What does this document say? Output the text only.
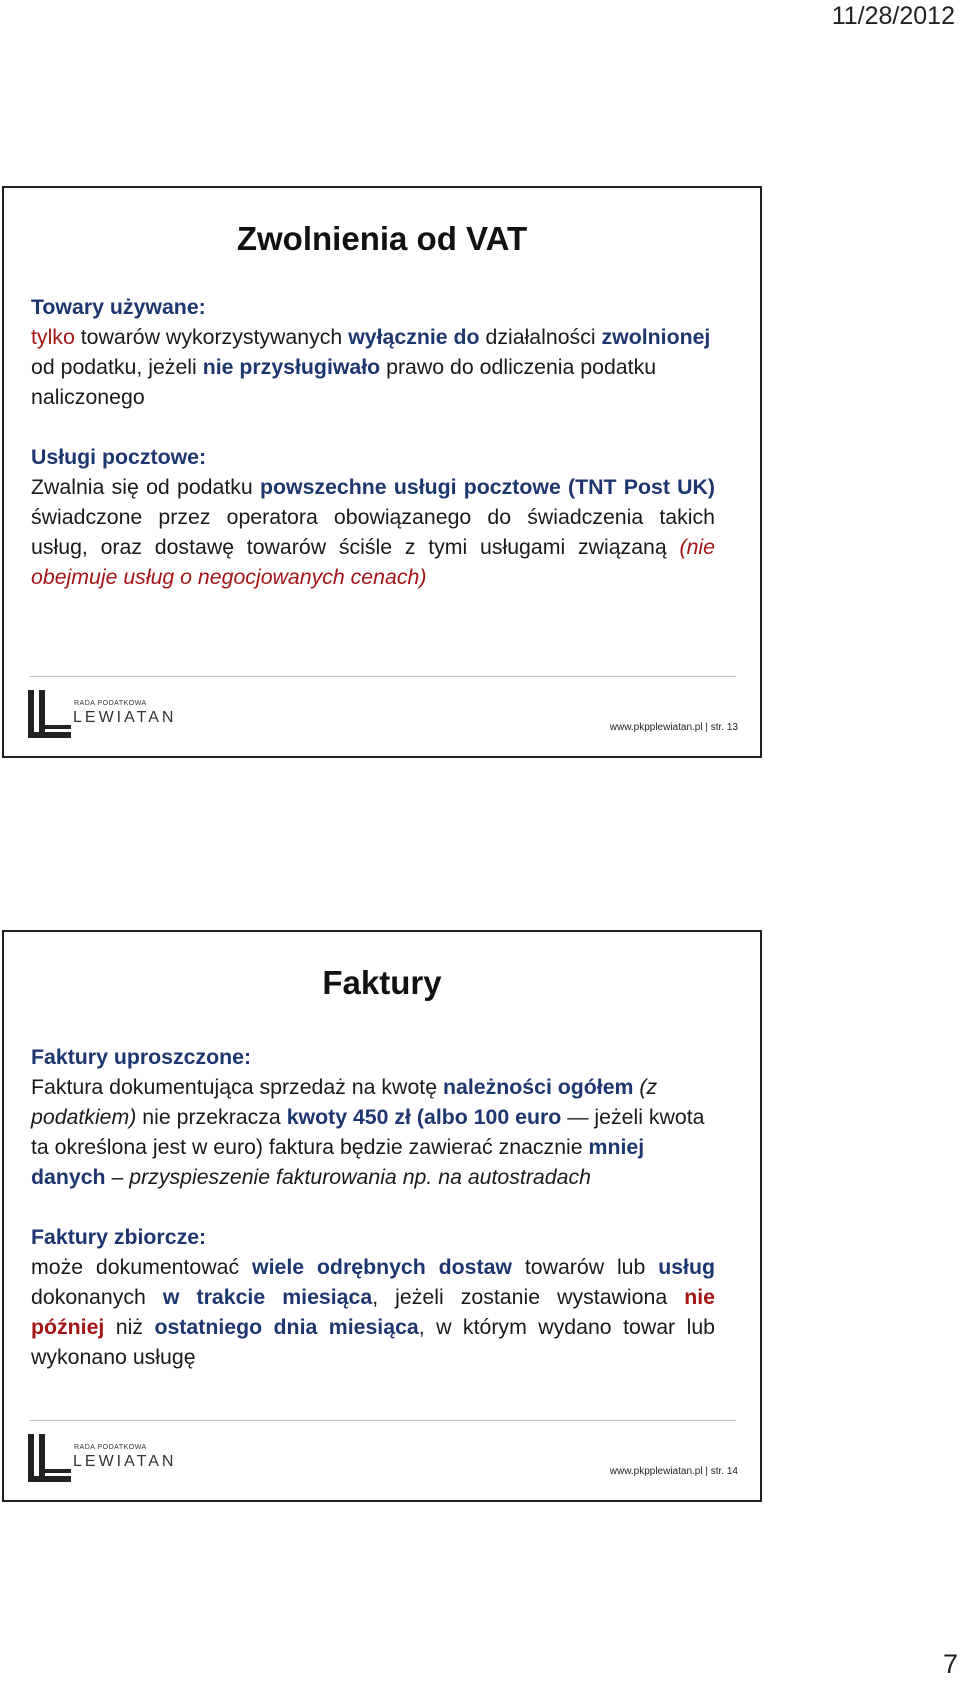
11/28/2012
Zwolnienia od VAT
Towary używane:
tylko towarów wykorzystywanych wyłącznie do działalności zwolnionej od podatku, jeżeli nie przysługiwało prawo do odliczenia podatku naliczonego
Usługi pocztowe:
Zwalnia się od podatku powszechne usługi pocztowe (TNT Post UK) świadczone przez operatora obowiązanego do świadczenia takich usług, oraz dostawę towarów ściśle z tymi usługami związaną (nie obejmuje usług o negocjowanych cenach)
RADA PODATKOWA
LEWIATAN
www.pkpplewiatan.pl | str. 13
Faktury
Faktury uproszczone:
Faktura dokumentująca sprzedaż na kwotę należności ogółem (z podatkiem) nie przekracza kwoty 450 zł (albo 100 euro — jeżeli kwota ta określona jest w euro) faktura będzie zawierać znacznie mniej danych – przyspieszenie fakturowania np. na autostradach
Faktury zbiorcze:
może dokumentować wiele odrębnych dostaw towarów lub usług dokonanych w trakcie miesiąca, jeżeli zostanie wystawiona nie później niż ostatniego dnia miesiąca, w którym wydano towar lub wykonano usługę
RADA PODATKOWA
LEWIATAN
www.pkpplewiatan.pl | str. 14
7
